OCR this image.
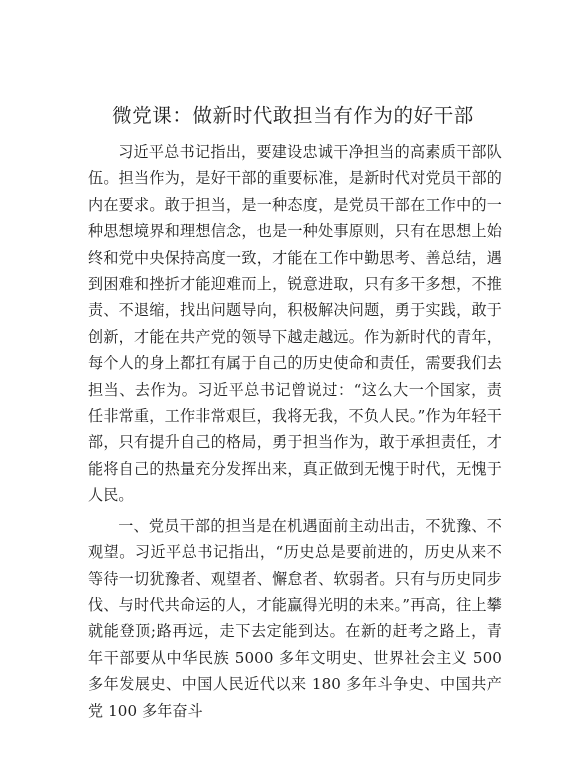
微党课：做新时代敢担当有作为的好干部

习近平总书记指出，要建设忠诚干净担当的高素质干部队伍。担当作为，是好干部的重要标准，是新时代对党员干部的内在要求。敢于担当，是一种态度，是党员干部在工作中的一种思想境界和理想信念，也是一种处事原则，只有在思想上始终和党中央保持高度一致，才能在工作中勤思考、善总结，遇到困难和挫折才能迎难而上，锐意进取，只有多干多想，不推责、不退缩，找出问题导向，积极解决问题，勇于实践，敢于创新，才能在共产党的领导下越走越远。作为新时代的青年，每个人的身上都扛有属于自己的历史使命和责任，需要我们去担当、去作为。习近平总书记曾说过：“这么大一个国家，责任非常重，工作非常艰巨，我将无我，不负人民。”作为年轻干部，只有提升自己的格局，勇于担当作为，敢于承担责任，才能将自己的热量充分发挥出来，真正做到无愧于时代，无愧于人民。

一、党员干部的担当是在机遇面前主动出击，不犹豫、不观望。习近平总书记指出，“历史总是要前进的，历史从来不等待一切犹豫者、观望者、懈怠者、软弱者。只有与历史同步伐、与时代共命运的人，才能赢得光明的未来。”再高，往上攀就能登顶;路再远，走下去定能到达。在新的赶考之路上，青年干部要从中华民族 5000 多年文明史、世界社会主义 500 多年发展史、中国人民近代以来 180 多年斗争史、中国共产党 100 多年奋斗
